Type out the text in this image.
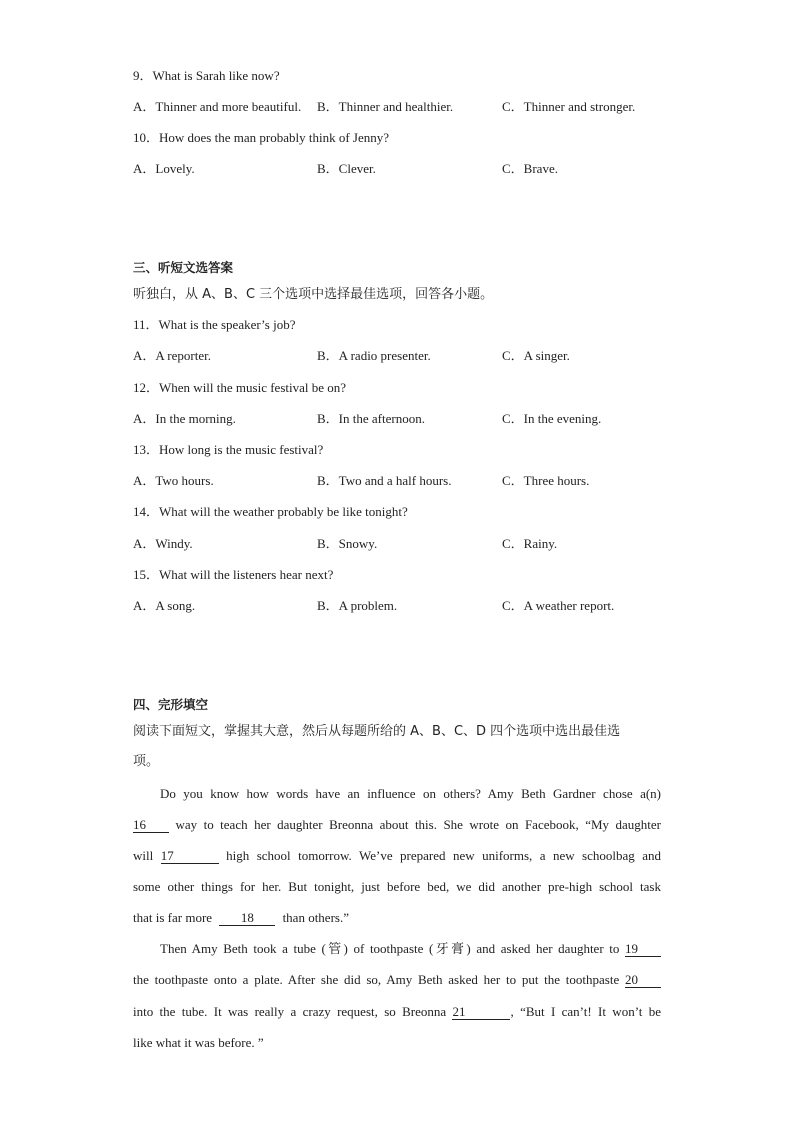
9．What is Sarah like now?
A．Thinner and more beautiful. B．Thinner and healthier.	C．Thinner and stronger.
10．How does the man probably think of Jenny?
A．Lovely.	B．Clever.	C．Brave.
三、听短文选答案
听独白，从 A、B、C 三个选项中选择最佳选项，回答各小题。
11．What is the speaker’s job?
A．A reporter.	B．A radio presenter.	C．A singer.
12．When will the music festival be on?
A．In the morning.	B．In the afternoon.	C．In the evening.
13．How long is the music festival?
A．Two hours.	B．Two and a half hours.	C．Three hours.
14．What will the weather probably be like tonight?
A．Windy.	B．Snowy.	C．Rainy.
15．What will the listeners hear next?
A．A song.	B．A problem.	C．A weather report.
四、完形填空
阅读下面短文，掌握其大意，然后从每题所给的 A、B、C、D 四个选项中选出最佳选
项。
Do you know how words have an influence on others? Amy Beth Gardner chose a(n)
16 way to teach her daughter Breonna about this. She wrote on Facebook, “My daughter
will 17	high school tomorrow. We’ve prepared new uniforms, a new schoolbag and
some other things for her. But tonight, just before bed, we did another pre-high school task
that is far more 18 than others.”
Then Amy Beth took a tube (管) of toothpaste (牙膏) and asked her daughter to 19
the toothpaste onto a plate. After she did so, Amy Beth asked her to put the toothpaste 20
into the tube. It was really a crazy request, so Breonna 21	, “But I can’t! It won’t be
like what it was before. ”
